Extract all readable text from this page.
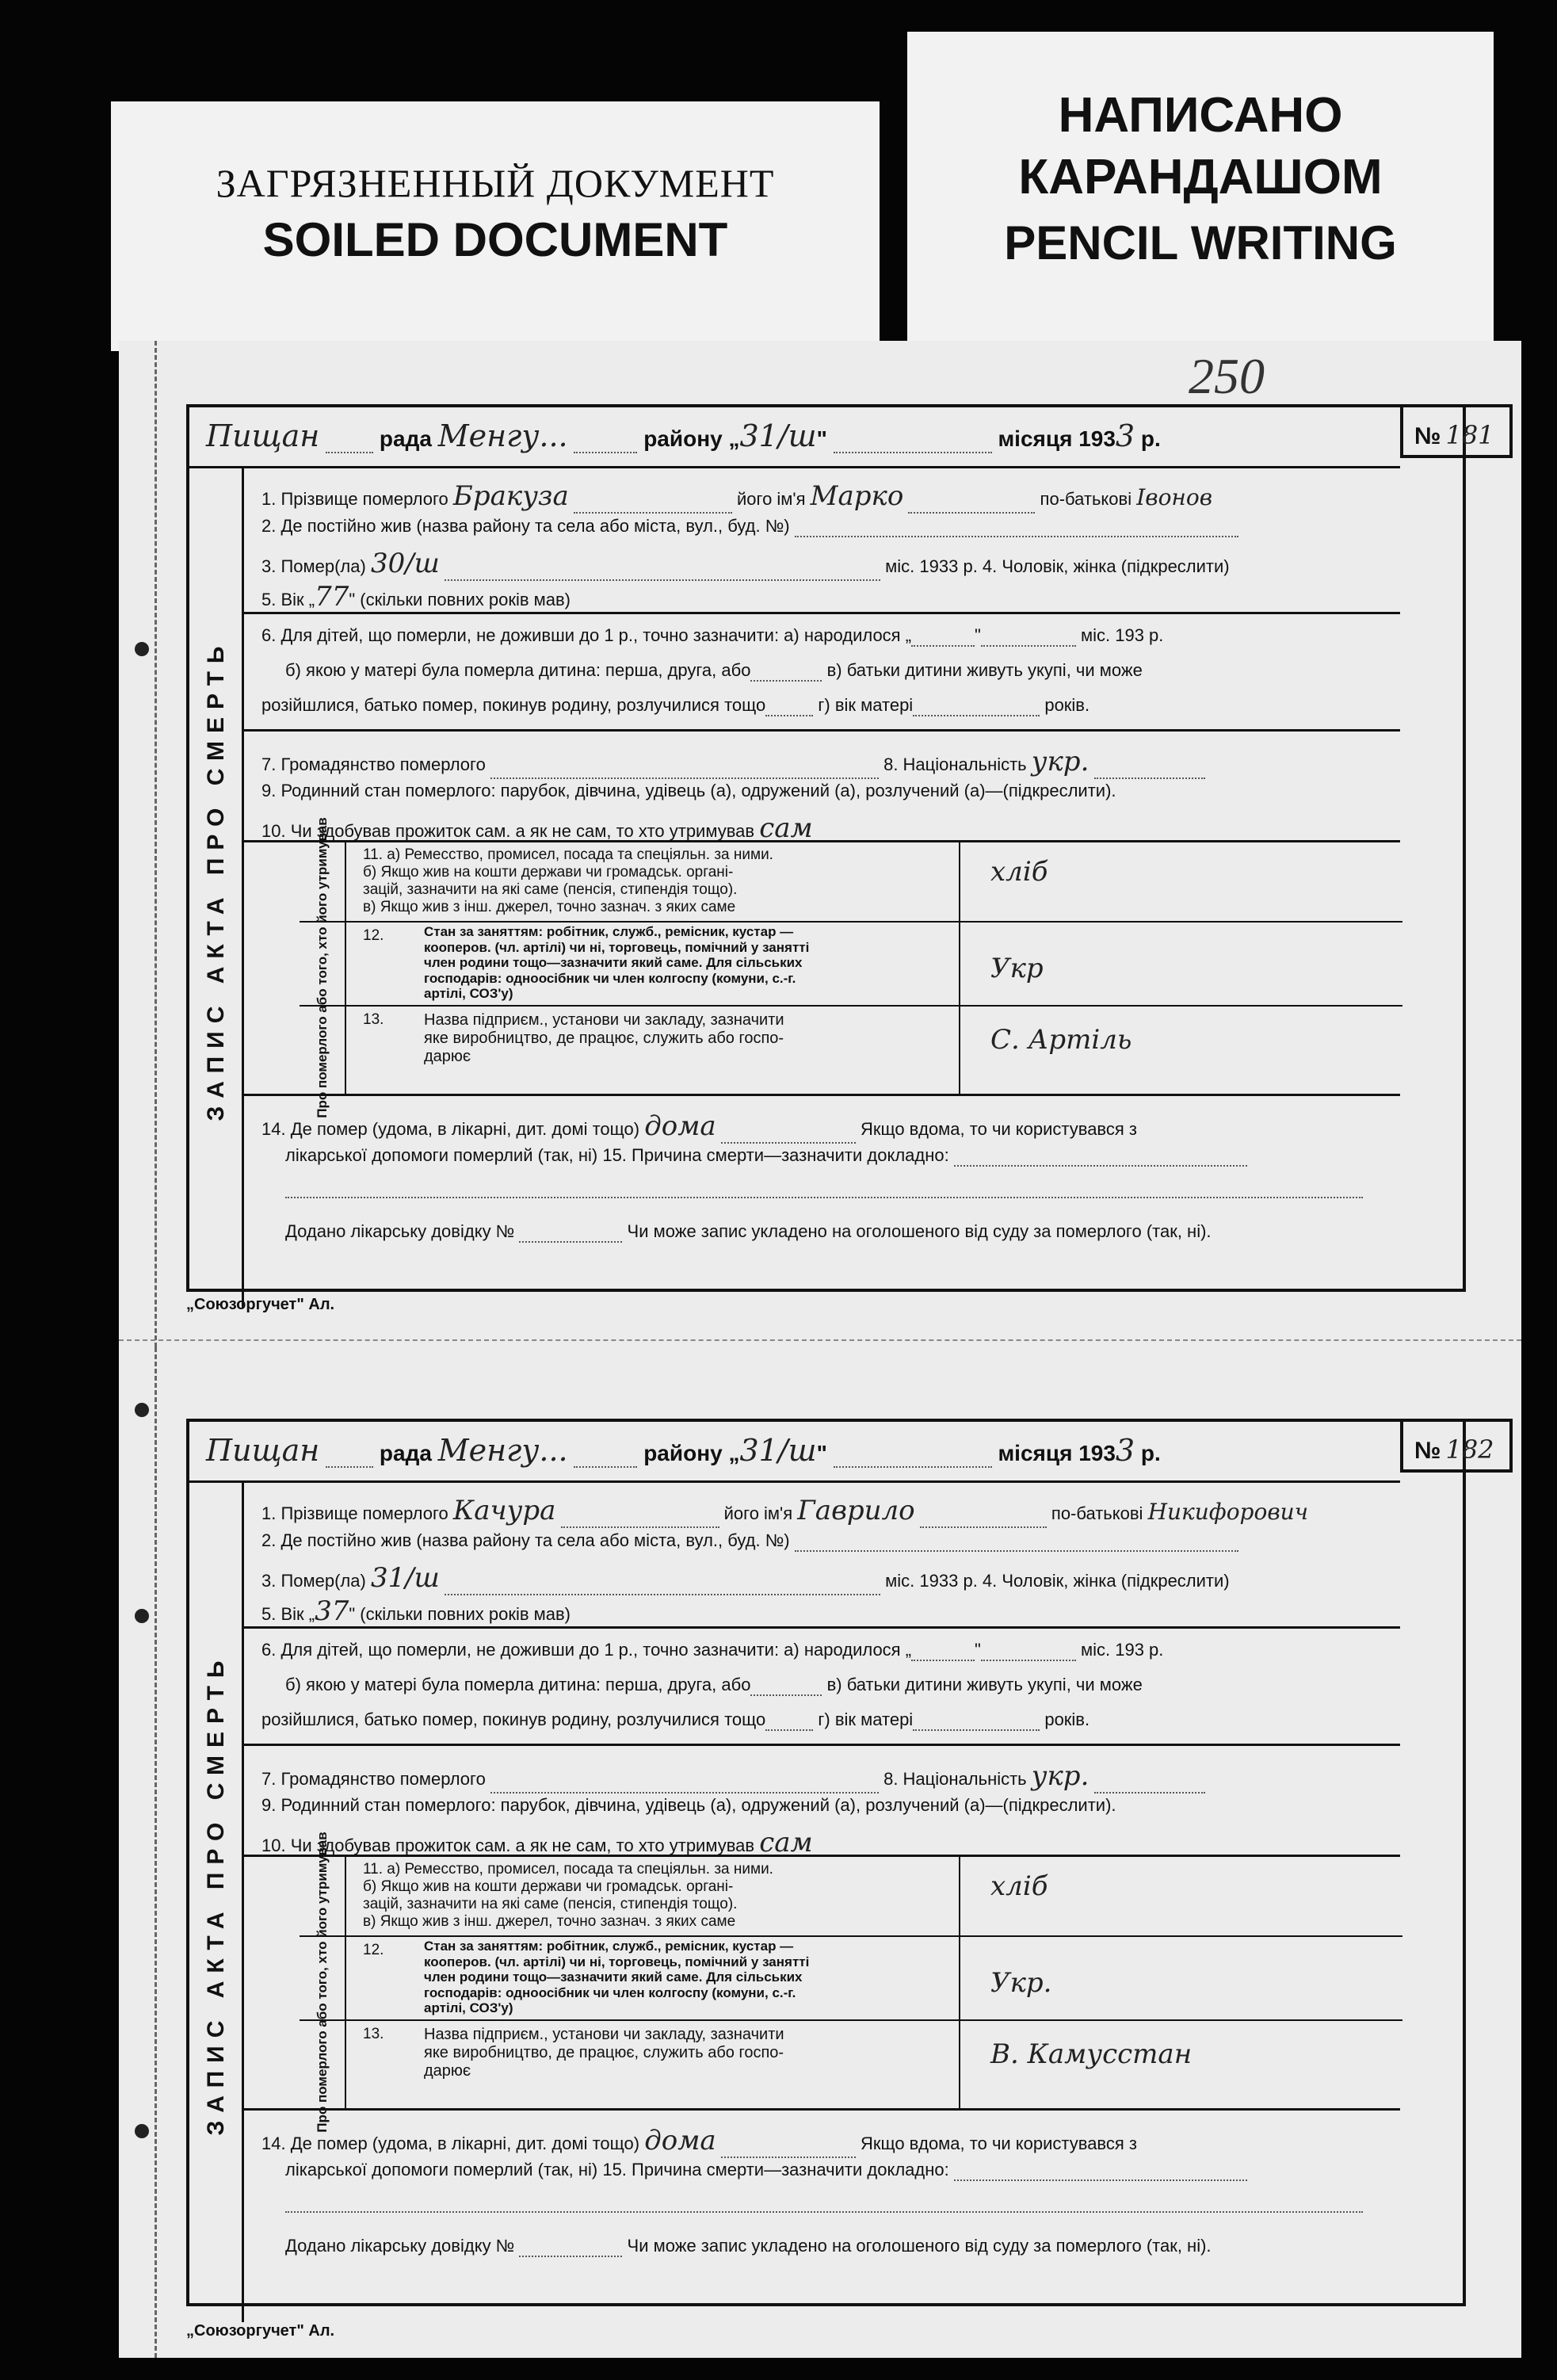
ЗАГРЯЗНЕННЫЙ ДОКУМЕНТ
SOILED DOCUMENT
НАПИСАНО
КАРАНДАШОМ
PENCIL WRITING
250
„Союзоргучет" Ал.
„Союзоргучет" Ал.
№ 181
Пищан	рада Менгу...	району „31/ш"	місяця 1933 р.
ЗАПИС АКТА ПРО СМЕРТЬ
1. Прізвище померлого Бракуза	його ім'я Марко	по-батькові Івонов
2. Де постійно жив (назва району та села або міста, вул., буд. №)
3. Помер(ла) 30/ш	міс. 1933 р. 4. Чоловік, жінка (підкреслити)
5. Вік „77" (скільки повних років мав)
6. Для дітей, що померли, не доживши до 1 р., точно зазначити: а) народилося „	"	міс. 193 р.
б) якою у матері була померла дитина: перша, друга, або	в) батьки дитини живуть укупі, чи може
розійшлися, батько помер, покинув родину, розлучилися тощо	г) вік матері	років.
7. Громадянство померлого	8. Національність укр.
9. Родинний стан померлого: парубок, дівчина, удівець (а), одружений (а), розлучений (а)—(підкреслити).
10. Чи здобував прожиток сам. а як не сам, то хто утримував сам
Про померлого або того, хто його утримував 11. а) Ремесство, промисел, посада та спеціяльн. за ними.
б) Якщо жив на кошти держави чи громадськ. органі-
зацій, зазначити на які саме (пенсія, стипендія тощо).
в) Якщо жив з інш. джерел, точно зазнач. з яких саме
хліб
12.	Стан за заняттям: робітник, служб., ремісник, кустар —
кооперов. (чл. артілі) чи ні, торговець, помічний у занятті
член родини тощо—зазначити який саме. Для сільських
господарів: одноосібник чи член колгоспу (комуни, с.-г.
артілі, СОЗ'у)
Укр
13.	Назва підприєм., установи чи закладу, зазначити
яке виробництво, де працює, служить або госпо-
дарює
С. Артіль
14. Де помер (удома, в лікарні, дит. домі тощо) дома	Якщо вдома, то чи користувався з
лікарської допомоги померлий (так, ні) 15. Причина смерти—зазначити докладно:
Додано лікарську довідку №	Чи може запис укладено на оголошеного від суду за померлого (так, ні).
№ 182
Пищан	рада Менгу...	району „31/ш"	місяця 1933 р.
ЗАПИС АКТА ПРО СМЕРТЬ
1. Прізвище померлого Качура	його ім'я Гаврило	по-батькові Никифорович
2. Де постійно жив (назва району та села або міста, вул., буд. №)
3. Помер(ла) 31/ш	міс. 1933 р. 4. Чоловік, жінка (підкреслити)
5. Вік „37" (скільки повних років мав)
6. Для дітей, що померли, не доживши до 1 р., точно зазначити: а) народилося „	"	міс. 193 р.
б) якою у матері була померла дитина: перша, друга, або	в) батьки дитини живуть укупі, чи може
розійшлися, батько помер, покинув родину, розлучилися тощо	г) вік матері	років.
7. Громадянство померлого	8. Національність укр.
9. Родинний стан померлого: парубок, дівчина, удівець (а), одружений (а), розлучений (а)—(підкреслити).
10. Чи здобував прожиток сам. а як не сам, то хто утримував сам
Про померлого або того, хто його утримував 11. а) Ремесство, промисел, посада та спеціяльн. за ними.
б) Якщо жив на кошти держави чи громадськ. органі-
зацій, зазначити на які саме (пенсія, стипендія тощо).
в) Якщо жив з інш. джерел, точно зазнач. з яких саме
хліб
12.	Стан за заняттям: робітник, служб., ремісник, кустар —
кооперов. (чл. артілі) чи ні, торговець, помічний у занятті
член родини тощо—зазначити який саме. Для сільських
господарів: одноосібник чи член колгоспу (комуни, с.-г.
артілі, СОЗ'у)
Укр.
13.	Назва підприєм., установи чи закладу, зазначити
яке виробництво, де працює, служить або госпо-
дарює
В. Камусстан
14. Де помер (удома, в лікарні, дит. домі тощо) дома	Якщо вдома, то чи користувався з
лікарської допомоги померлий (так, ні) 15. Причина смерти—зазначити докладно:
Додано лікарську довідку №	Чи може запис укладено на оголошеного від суду за померлого (так, ні).
